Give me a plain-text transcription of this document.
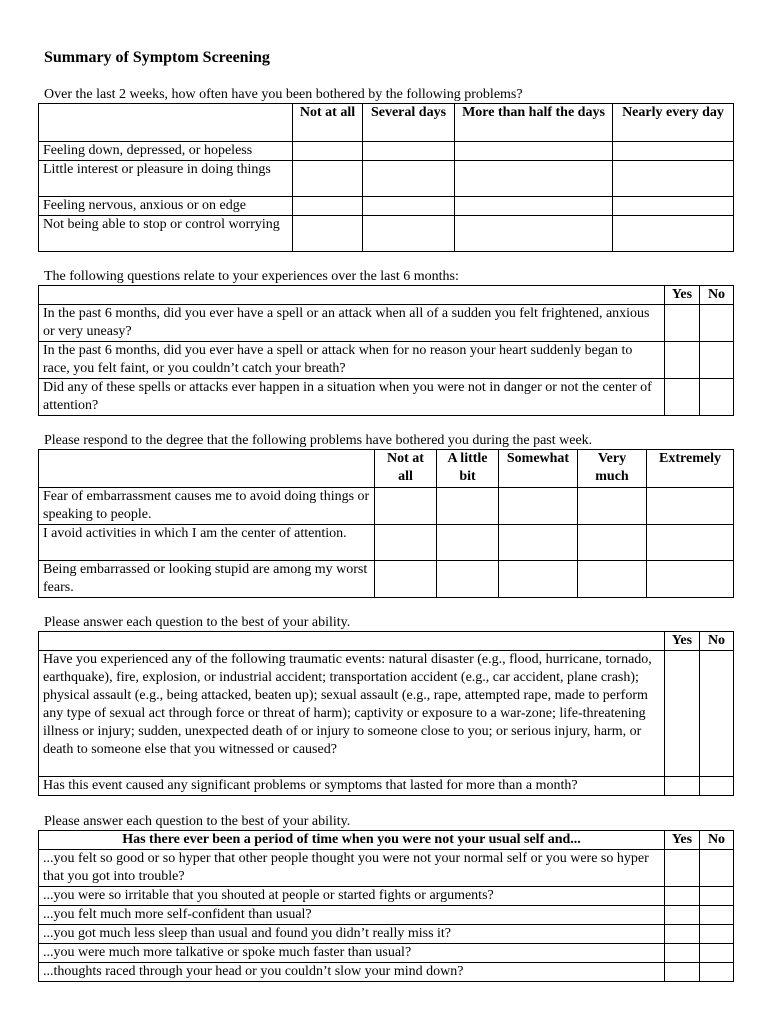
Summary of Symptom Screening
Over the last 2 weeks, how often have you been bothered by the following problems?
	Not at all	Several days	More than half the days	Nearly every day
Feeling down, depressed, or hopeless				
Little interest or pleasure in doing things				
Feeling nervous, anxious or on edge				
Not being able to stop or control worrying				
The following questions relate to your experiences over the last 6 months:
	Yes	No
In the past 6 months, did you ever have a spell or an attack when all of a sudden you felt frightened, anxious or very uneasy?		
In the past 6 months, did you ever have a spell or attack when for no reason your heart suddenly began to race, you felt faint, or you couldn’t catch your breath?		
Did any of these spells or attacks ever happen in a situation when you were not in danger or not the center of attention?		
Please respond to the degree that the following problems have bothered you during the past week.
	Not at all	A little bit	Somewhat	Very much	Extremely
Fear of embarrassment causes me to avoid doing things or speaking to people.					
I avoid activities in which I am the center of attention.					
Being embarrassed or looking stupid are among my worst fears.					
Please answer each question to the best of your ability.
	Yes	No
Have you experienced any of the following traumatic events: natural disaster (e.g., flood, hurricane, tornado, earthquake), fire, explosion, or industrial accident; transportation accident (e.g., car accident, plane crash); physical assault (e.g., being attacked, beaten up); sexual assault (e.g., rape, attempted rape, made to perform any type of sexual act through force or threat of harm); captivity or exposure to a war-zone; life-threatening illness or injury; sudden, unexpected death of or injury to someone close to you; or serious injury, harm, or death to someone else that you witnessed or caused?		
Has this event caused any significant problems or symptoms that lasted for more than a month?		
Please answer each question to the best of your ability.
Has there ever been a period of time when you were not your usual self and...	Yes	No
...you felt so good or so hyper that other people thought you were not your normal self or you were so hyper that you got into trouble?		
...you were so irritable that you shouted at people or started fights or arguments?		
...you felt much more self-confident than usual?		
...you got much less sleep than usual and found you didn’t really miss it?		
...you were much more talkative or spoke much faster than usual?		
...thoughts raced through your head or you couldn’t slow your mind down?		
